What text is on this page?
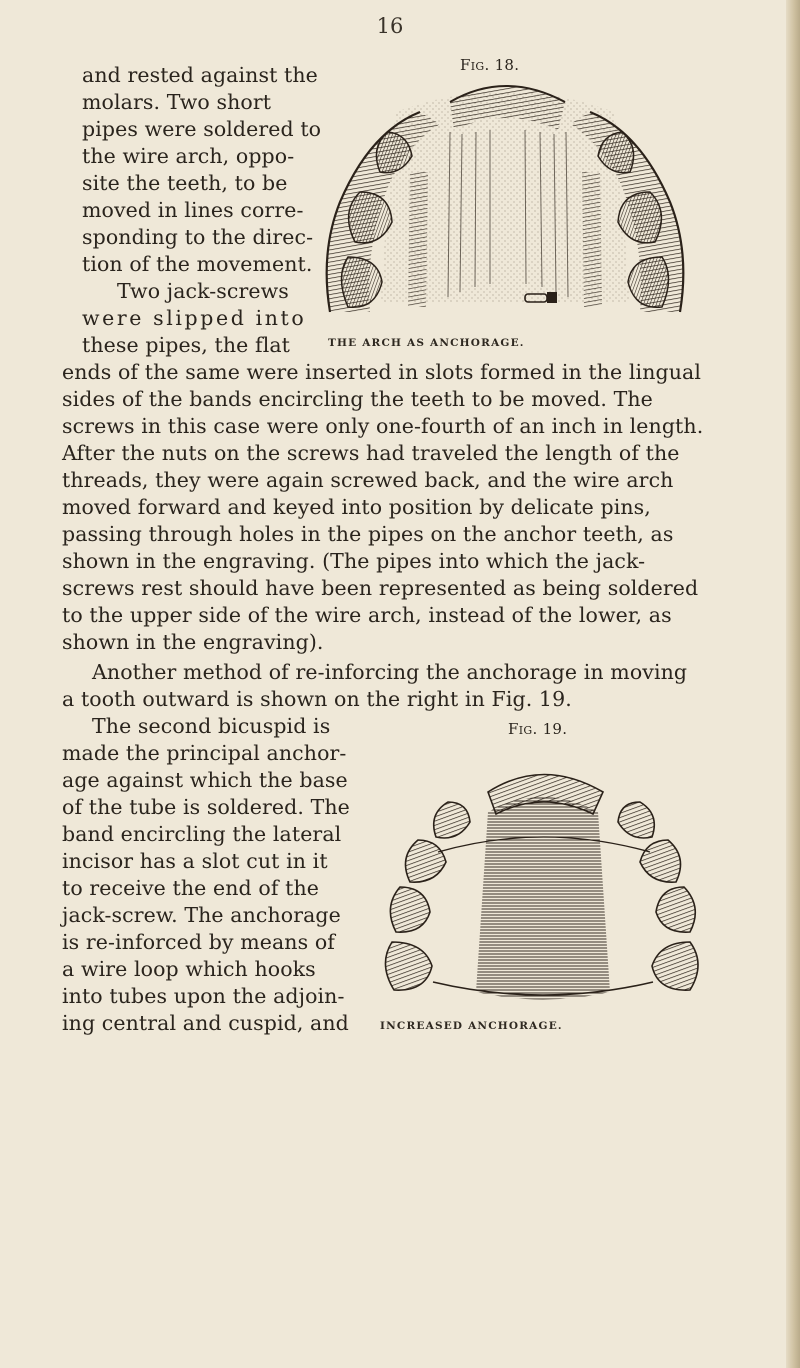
16

and rested against the

molars. Two short

pipes were soldered to

the wire arch, oppo-

site the teeth, to be

moved in lines corre-

sponding to the direc-

tion of the movement.

Two jack-screws

were slipped into

these pipes, the flat

Fig. 18.
THE ARCH AS ANCHORAGE.

ends of the same were inserted in slots formed in the lingual

sides of the bands encircling the teeth to be moved. The

screws in this case were only one-fourth of an inch in length.

After the nuts on the screws had traveled the length of the

threads, they were again screwed back, and the wire arch

moved forward and keyed into position by delicate pins,

passing through holes in the pipes on the anchor teeth, as

shown in the engraving. (The pipes into which the jack-

screws rest should have been represented as being soldered

to the upper side of the wire arch, instead of the lower, as

shown in the engraving).

Another method of re-inforcing the anchorage in moving

a tooth outward is shown on the right in Fig. 19.

The second bicuspid is

made the principal anchor-

age against which the base

of the tube is soldered. The

band encircling the lateral

incisor has a slot cut in it

to receive the end of the

jack-screw. The anchorage

is re-inforced by means of

a wire loop which hooks

into tubes upon the adjoin-

ing central and cuspid, and

Fig. 19.
INCREASED ANCHORAGE.
